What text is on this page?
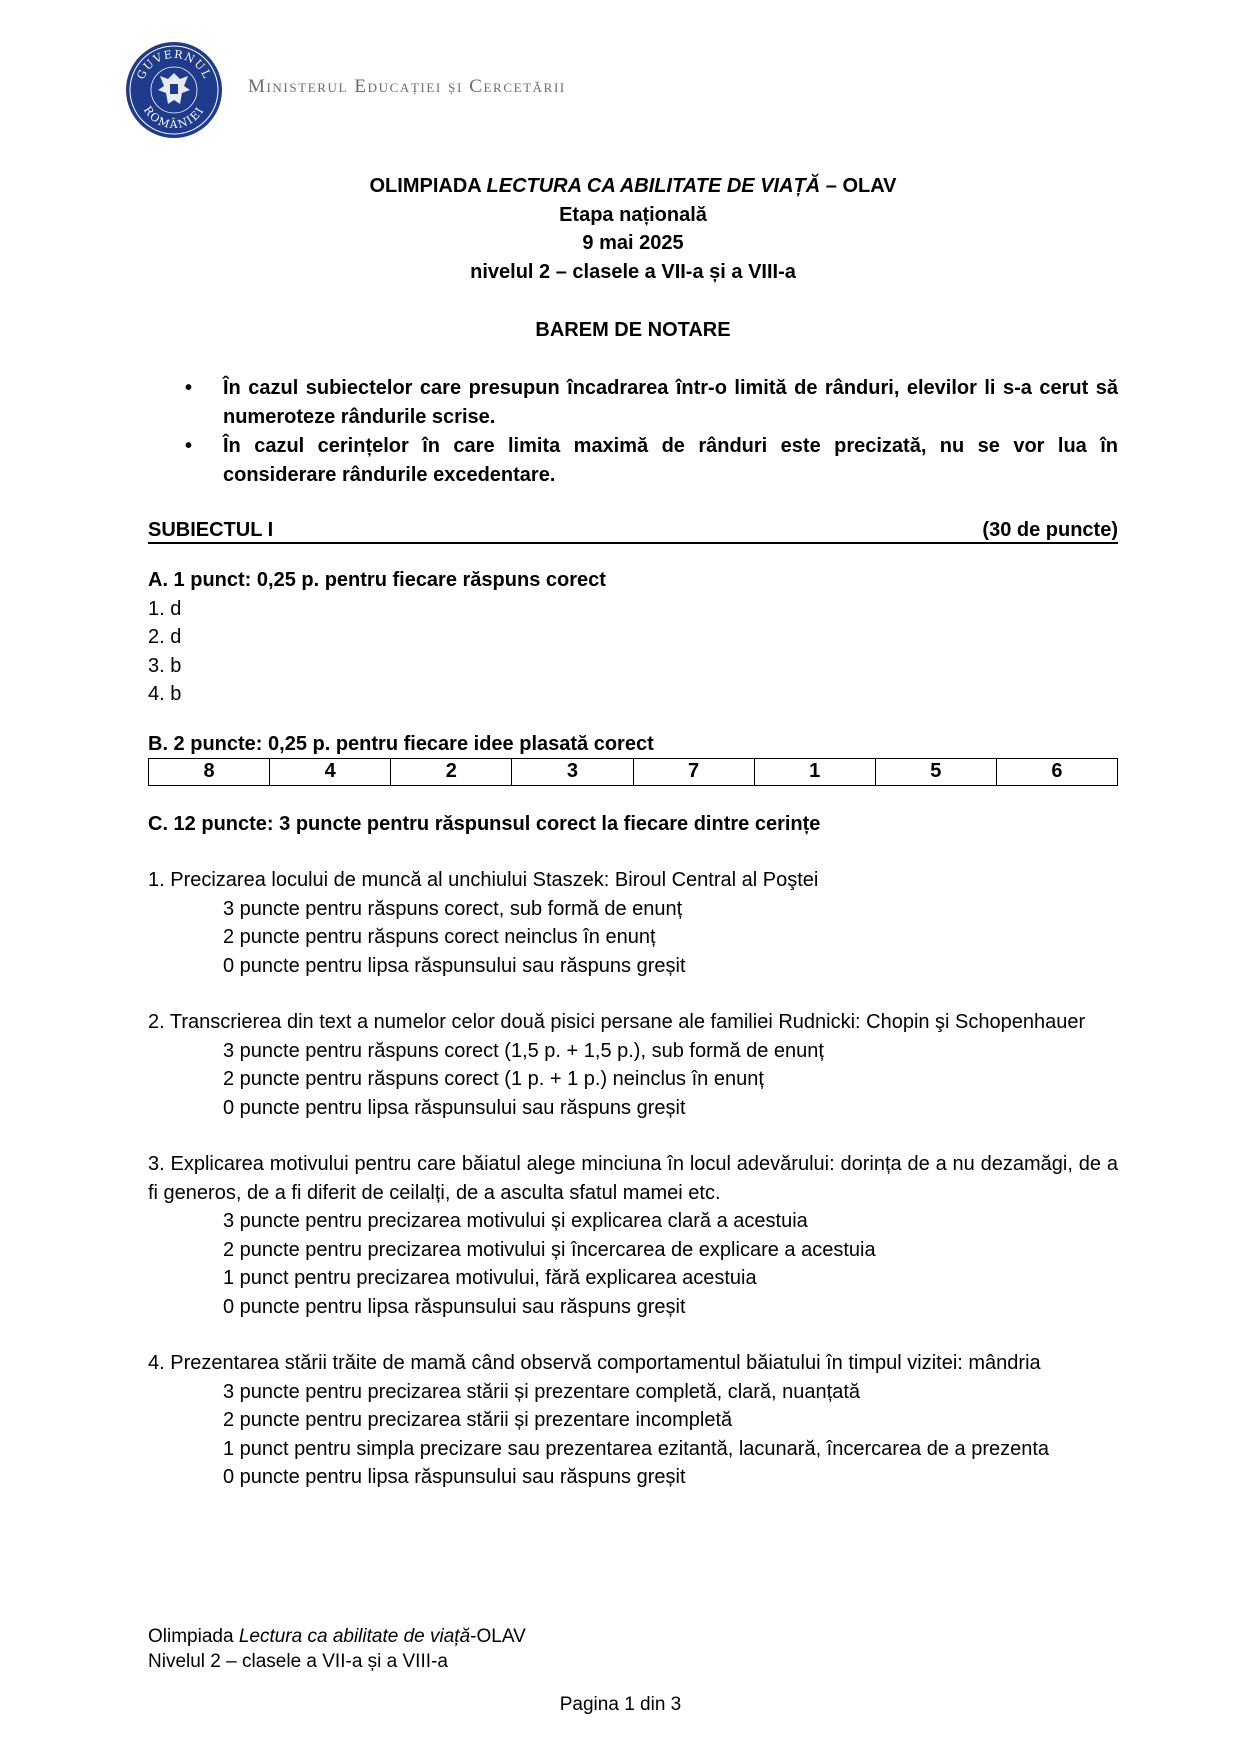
GUVERNUL
ROMÂNIEI
Ministerul Educației și Cercetării
OLIMPIADA LECTURA CA ABILITATE DE VIAȚĂ – OLAV
Etapa națională
9 mai 2025
nivelul 2 – clasele a VII-a și a VIII-a
BAREM DE NOTARE
• În cazul subiectelor care presupun încadrarea într-o limită de rânduri, elevilor li s-a cerut să numeroteze rândurile scrise.
• În cazul cerințelor în care limita maximă de rânduri este precizată, nu se vor lua în considerare rândurile excedentare.
SUBIECTUL I	(30 de puncte)
A. 1 punct: 0,25 p. pentru fiecare răspuns corect
1. d
2. d
3. b
4. b
B. 2 puncte: 0,25 p. pentru fiecare idee plasată corect
8	4	2	3	7	1	5	6
C. 12 puncte: 3 puncte pentru răspunsul corect la fiecare dintre cerințe
1. Precizarea locului de muncă al unchiului Staszek: Biroul Central al Poştei
3 puncte pentru răspuns corect, sub formă de enunț
2 puncte pentru răspuns corect neinclus în enunț
0 puncte pentru lipsa răspunsului sau răspuns greșit
2. Transcrierea din text a numelor celor două pisici persane ale familiei Rudnicki: Chopin şi Schopenhauer
3 puncte pentru răspuns corect (1,5 p. + 1,5 p.), sub formă de enunț
2 puncte pentru răspuns corect (1 p. + 1 p.) neinclus în enunț
0 puncte pentru lipsa răspunsului sau răspuns greșit
3. Explicarea motivului pentru care băiatul alege minciuna în locul adevărului: dorința de a nu dezamăgi, de a fi generos, de a fi diferit de ceilalți, de a asculta sfatul mamei etc.
3 puncte pentru precizarea motivului și explicarea clară a acestuia
2 puncte pentru precizarea motivului și încercarea de explicare a acestuia
1 punct pentru precizarea motivului, fără explicarea acestuia
0 puncte pentru lipsa răspunsului sau răspuns greșit
4. Prezentarea stării trăite de mamă când observă comportamentul băiatului în timpul vizitei: mândria
3 puncte pentru precizarea stării și prezentare completă, clară, nuanțată
2 puncte pentru precizarea stării și prezentare incompletă
1 punct pentru simpla precizare sau prezentarea ezitantă, lacunară, încercarea de a prezenta
0 puncte pentru lipsa răspunsului sau răspuns greșit
Olimpiada Lectura ca abilitate de viață-OLAV
Nivelul 2 – clasele a VII-a și a VIII-a
Pagina 1 din 3
